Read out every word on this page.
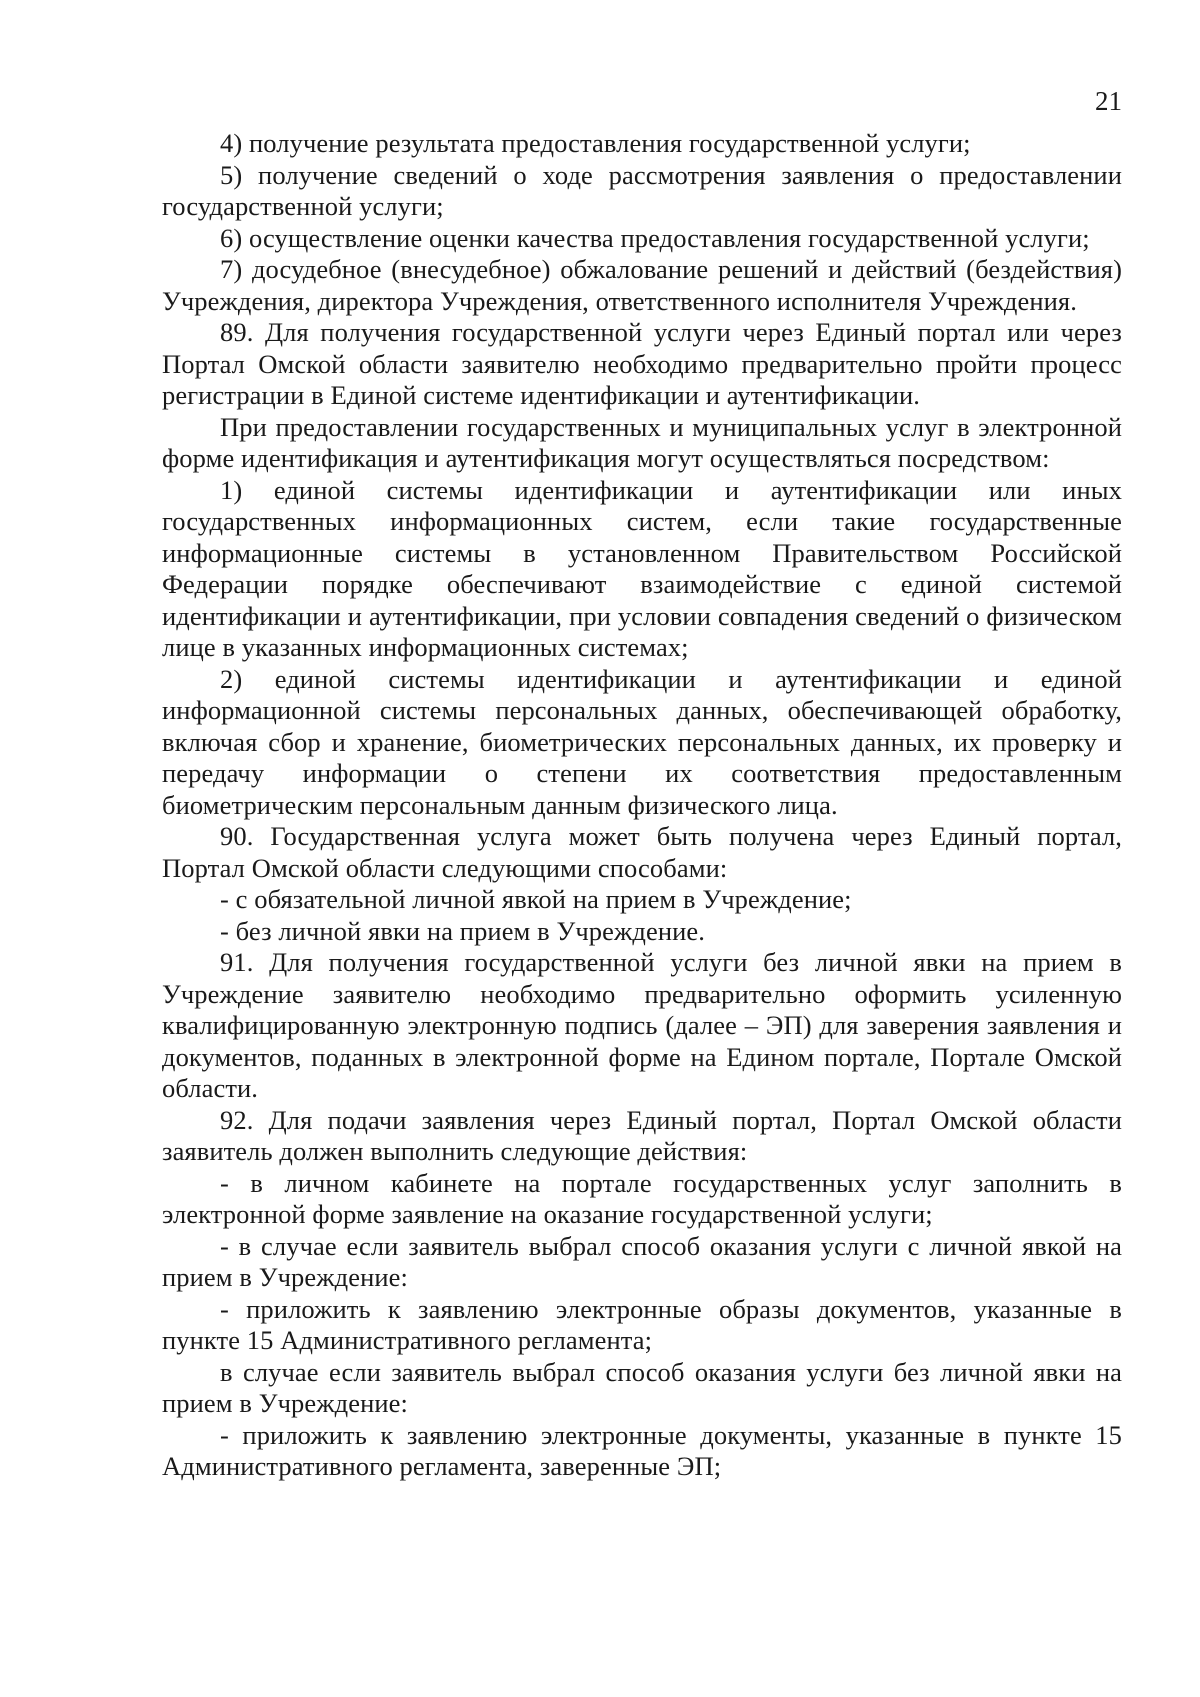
21

4) получение результата предоставления государственной услуги;

5) получение сведений о ходе рассмотрения заявления о предоставлении государственной услуги;

6) осуществление оценки качества предоставления государственной услуги;

7) досудебное (внесудебное) обжалование решений и действий (бездействия) Учреждения, директора Учреждения, ответственного исполнителя Учреждения.

89. Для получения государственной услуги через Единый портал или через Портал Омской области заявителю необходимо предварительно пройти процесс регистрации в Единой системе идентификации и аутентификации.

При предоставлении государственных и муниципальных услуг в электронной форме идентификация и аутентификация могут осуществляться посредством:

1) единой системы идентификации и аутентификации или иных государственных информационных систем, если такие государственные информационные системы в установленном Правительством Российской Федерации порядке обеспечивают взаимодействие с единой системой идентификации и аутентификации, при условии совпадения сведений о физическом лице в указанных информационных системах;

2) единой системы идентификации и аутентификации и единой информационной системы персональных данных, обеспечивающей обработку, включая сбор и хранение, биометрических персональных данных, их проверку и передачу информации о степени их соответствия предоставленным биометрическим персональным данным физического лица.

90. Государственная услуга может быть получена через Единый портал, Портал Омской области следующими способами:

- с обязательной личной явкой на прием в Учреждение;

- без личной явки на прием в Учреждение.

91. Для получения государственной услуги без личной явки на прием в Учреждение заявителю необходимо предварительно оформить усиленную квалифицированную электронную подпись (далее – ЭП) для заверения заявления и документов, поданных в электронной форме на Едином портале, Портале Омской области.

92. Для подачи заявления через Единый портал, Портал Омской области заявитель должен выполнить следующие действия:

- в личном кабинете на портале государственных услуг заполнить в электронной форме заявление на оказание государственной услуги;

- в случае если заявитель выбрал способ оказания услуги с личной явкой на прием в Учреждение:

- приложить к заявлению электронные образы документов, указанные в пункте 15 Административного регламента;

в случае если заявитель выбрал способ оказания услуги без личной явки на прием в Учреждение:

- приложить к заявлению электронные документы, указанные в пункте 15 Административного регламента, заверенные ЭП;
